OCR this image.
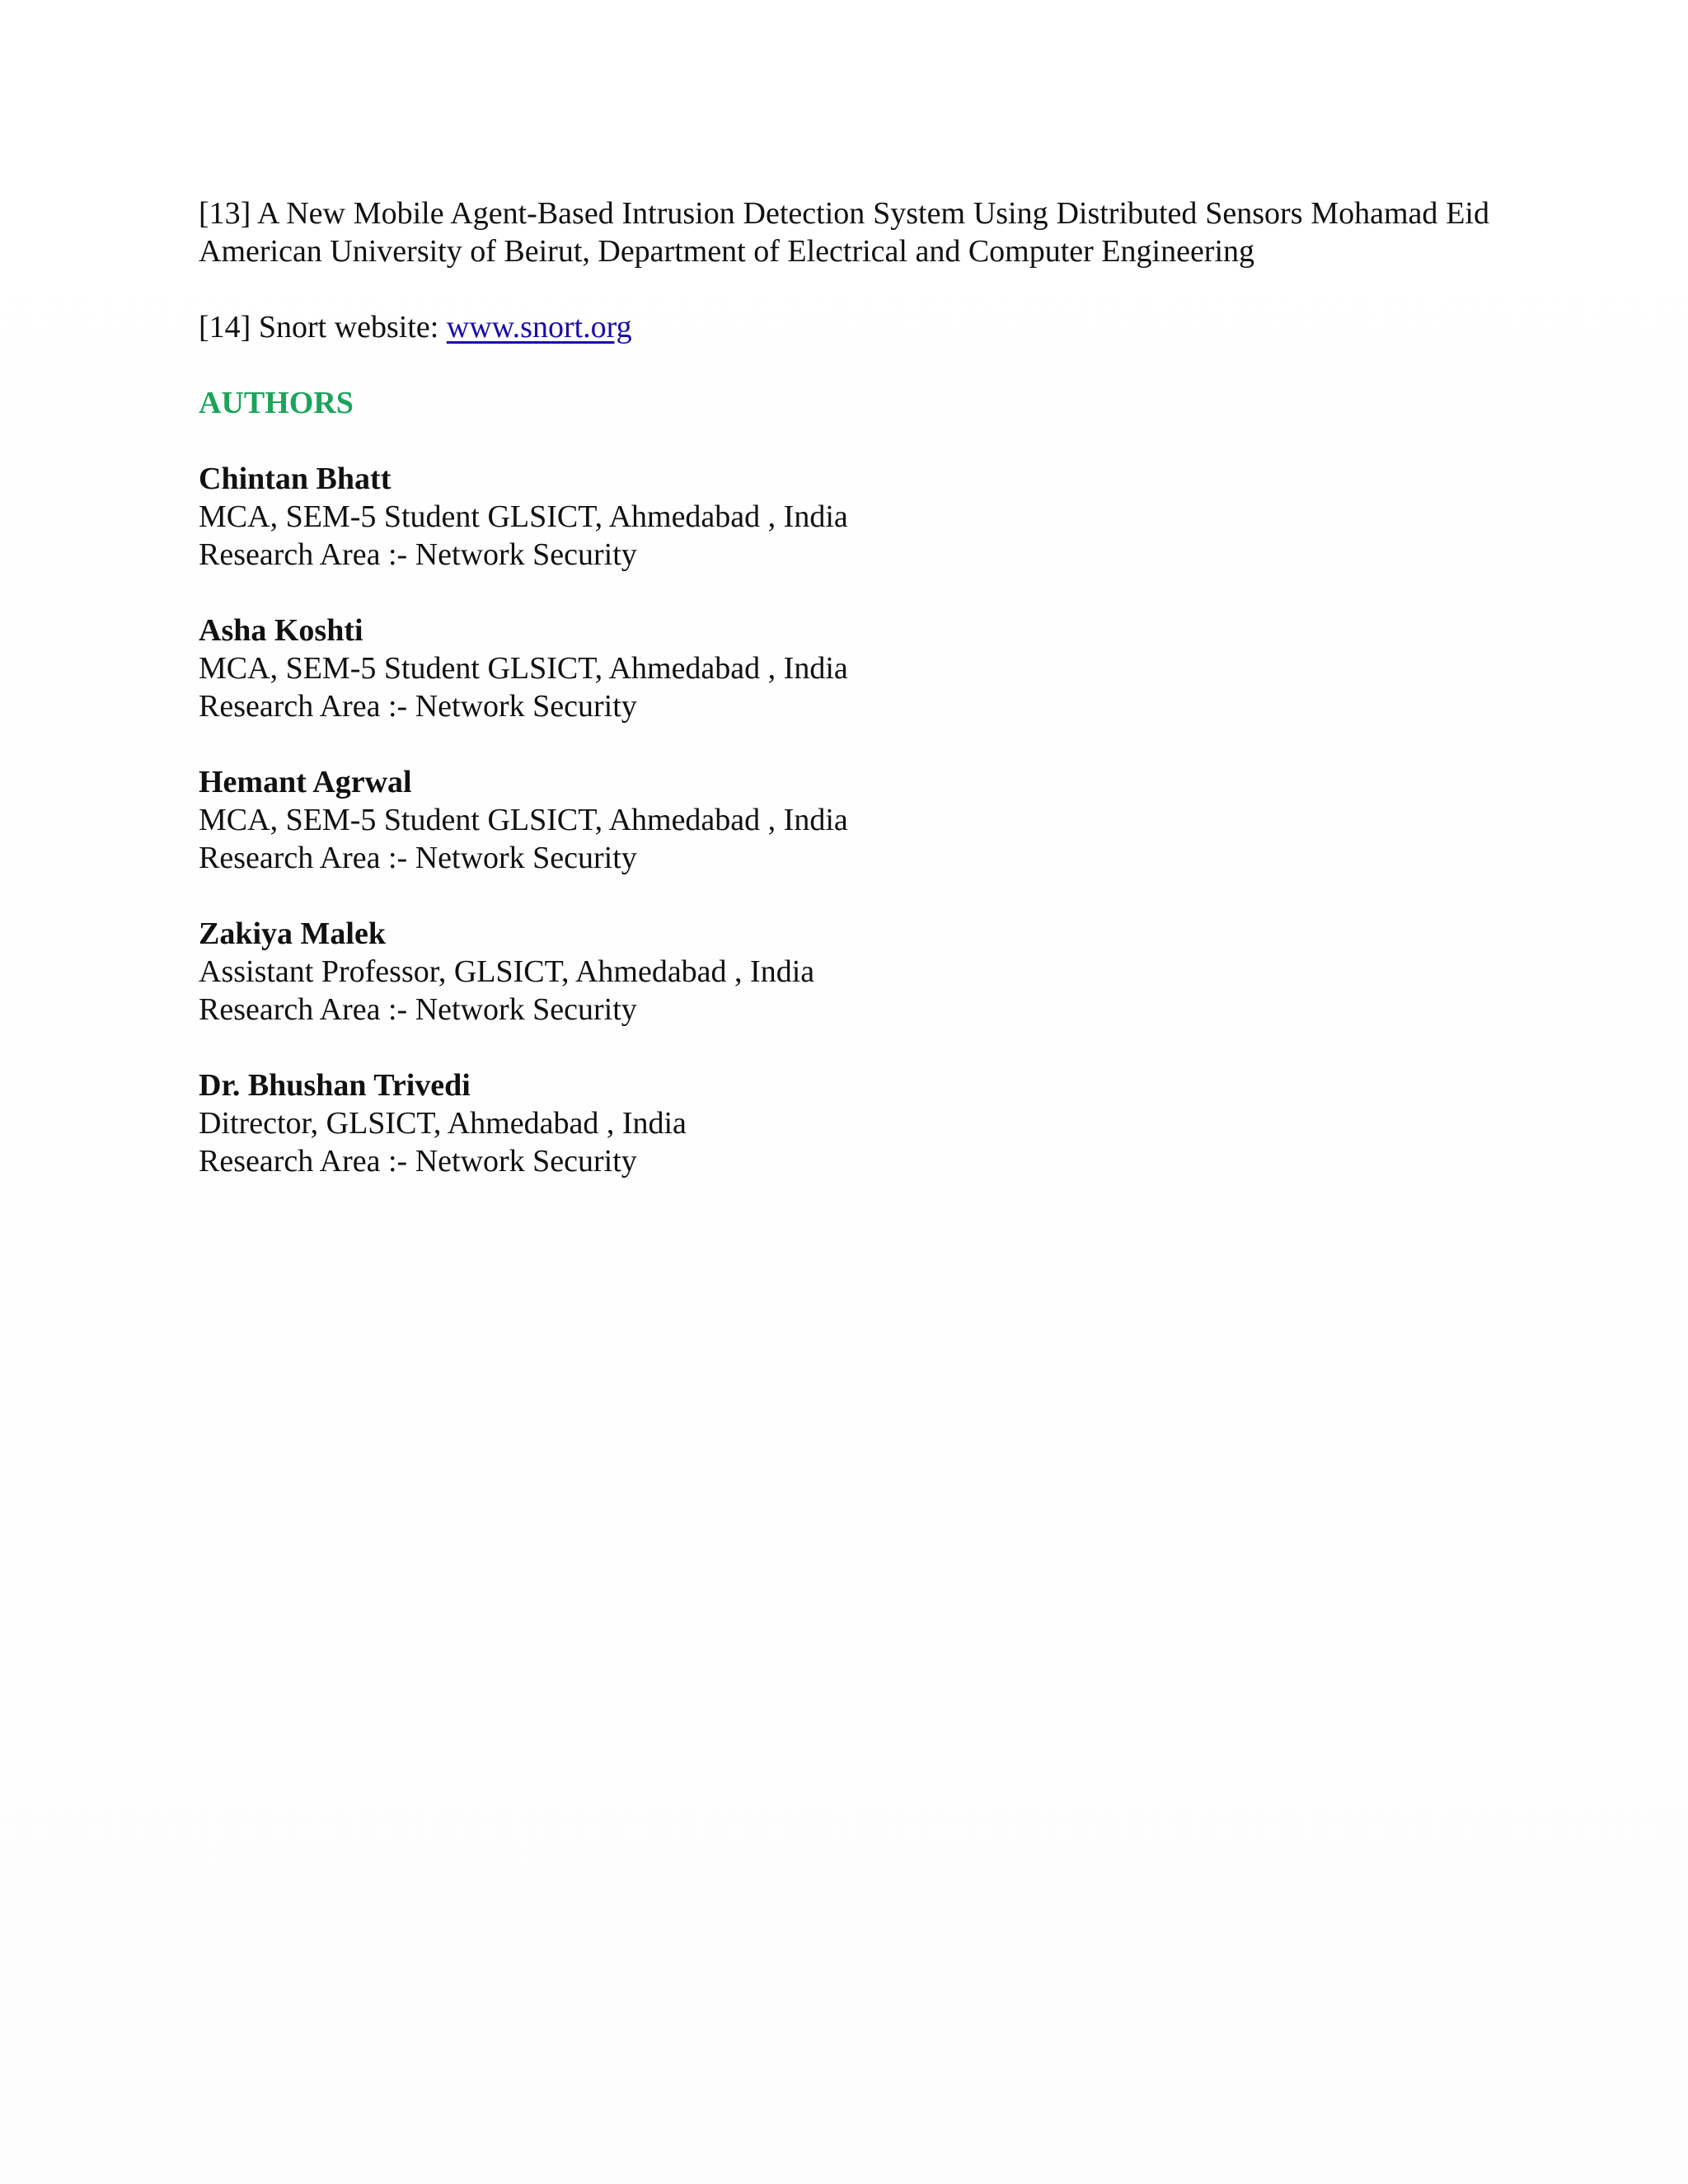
[13] A New Mobile Agent-Based Intrusion Detection System Using Distributed Sensors Mohamad Eid American University of Beirut, Department of Electrical and Computer Engineering

[14] Snort website: www.snort.org

AUTHORS
Chintan Bhatt
MCA, SEM-5 Student GLSICT, Ahmedabad , India
Research Area :- Network Security
Asha Koshti
MCA, SEM-5 Student GLSICT, Ahmedabad , India
Research Area :- Network Security
Hemant Agrwal
MCA, SEM-5 Student GLSICT, Ahmedabad , India
Research Area :- Network Security
Zakiya Malek
Assistant Professor, GLSICT, Ahmedabad , India
Research Area :- Network Security
Dr. Bhushan Trivedi
Ditrector, GLSICT, Ahmedabad , India
Research Area :- Network Security
